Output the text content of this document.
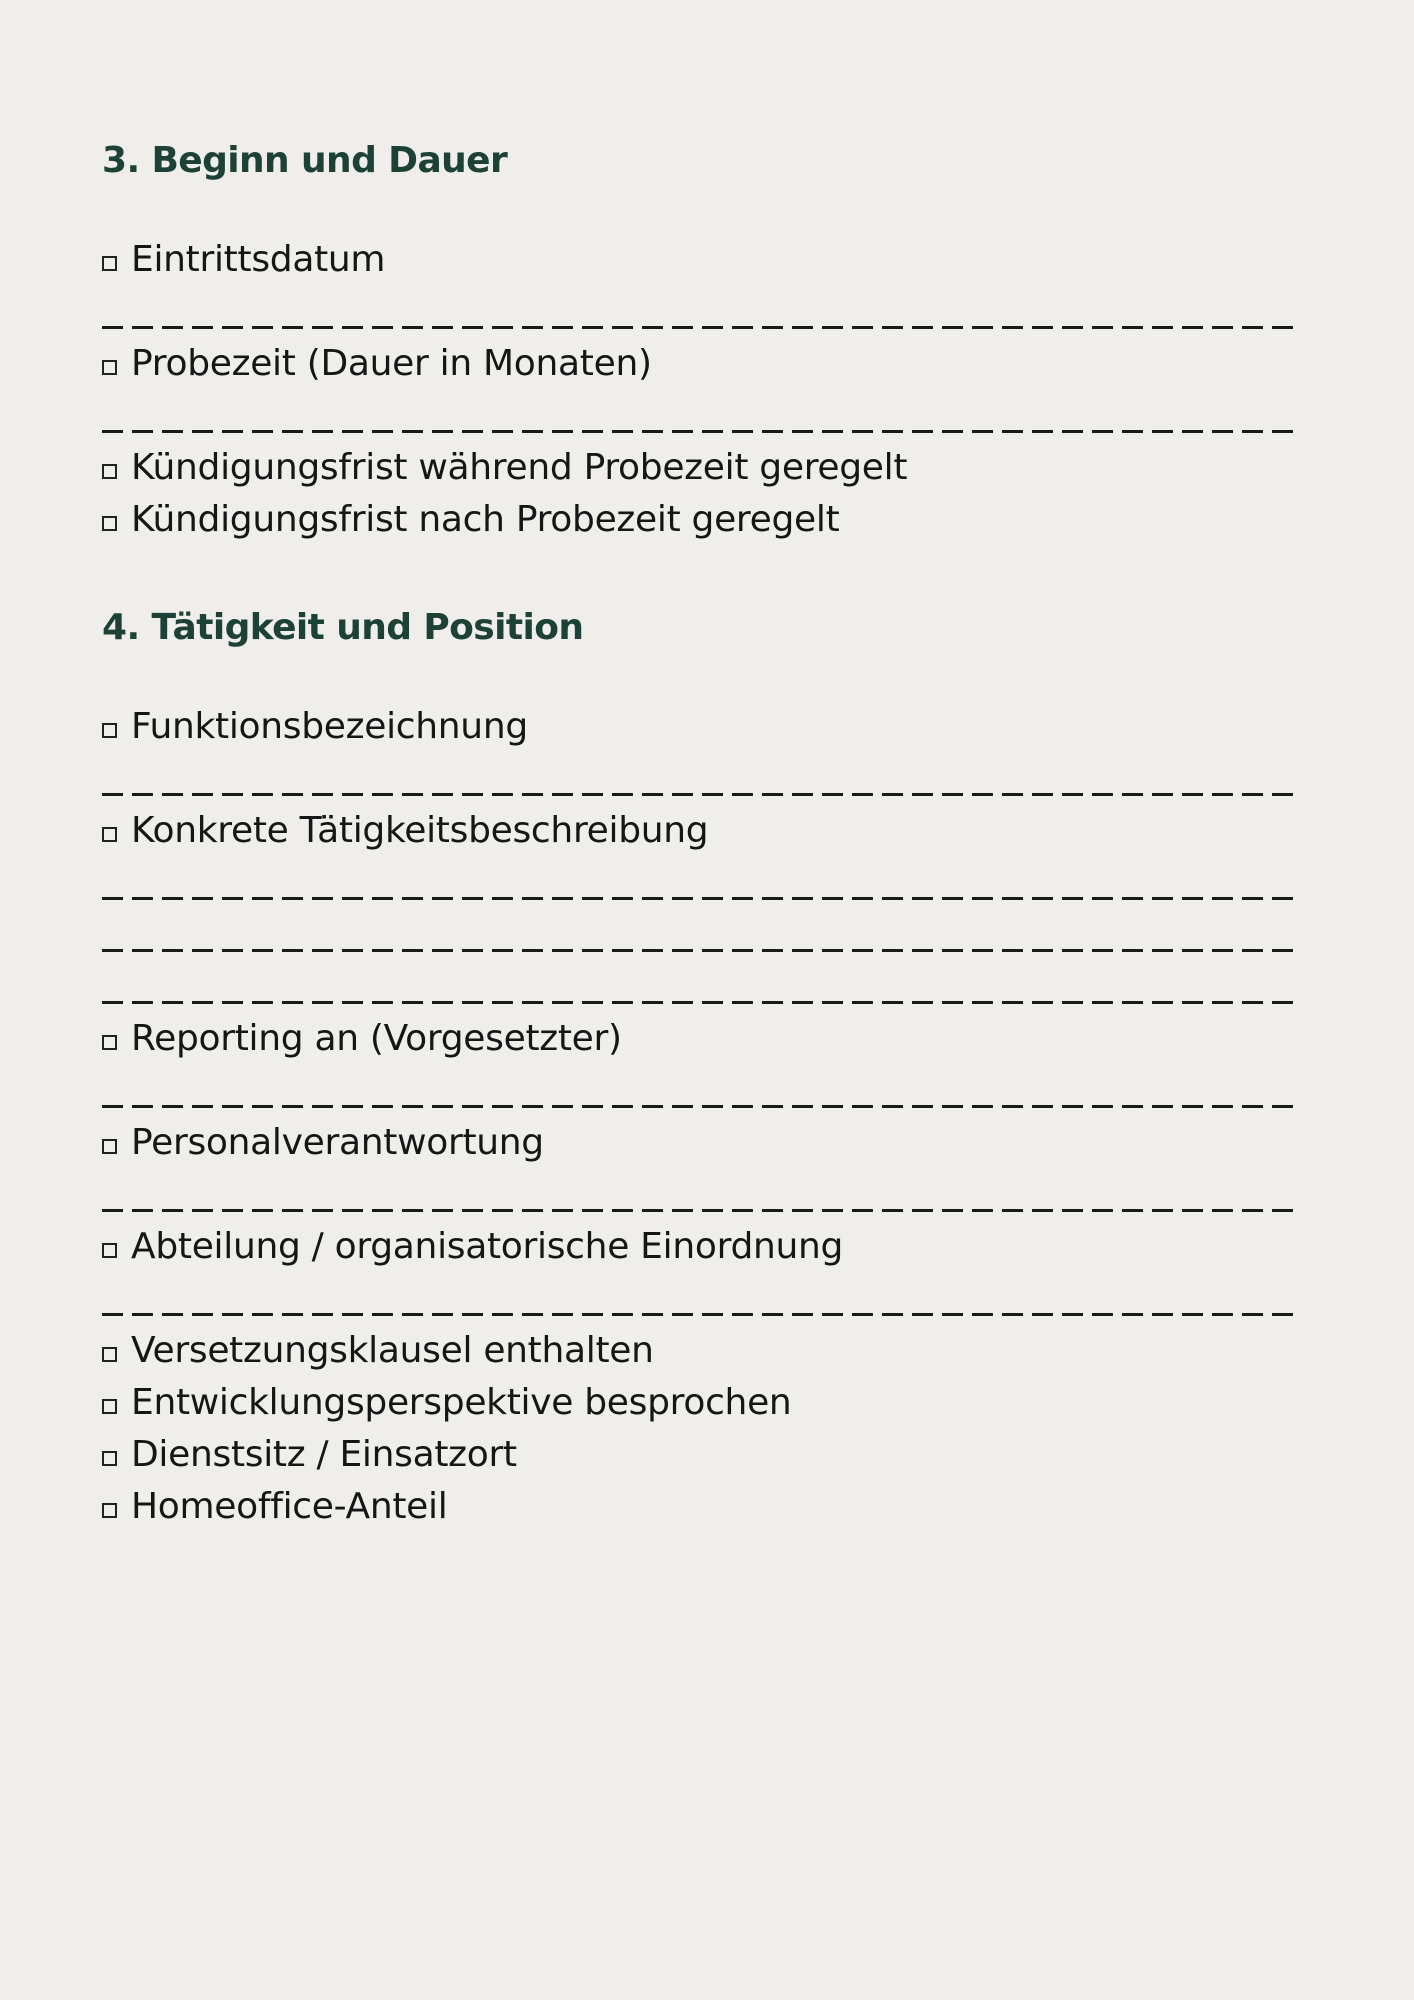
3. Beginn und Dauer
Eintrittsdatum
Probezeit (Dauer in Monaten)
Kündigungsfrist während Probezeit geregelt
Kündigungsfrist nach Probezeit geregelt
4. Tätigkeit und Position
Funktionsbezeichnung
Konkrete Tätigkeitsbeschreibung
Reporting an (Vorgesetzter)
Personalverantwortung
Abteilung / organisatorische Einordnung
Versetzungsklausel enthalten
Entwicklungsperspektive besprochen
Dienstsitz / Einsatzort
Homeoffice-Anteil
